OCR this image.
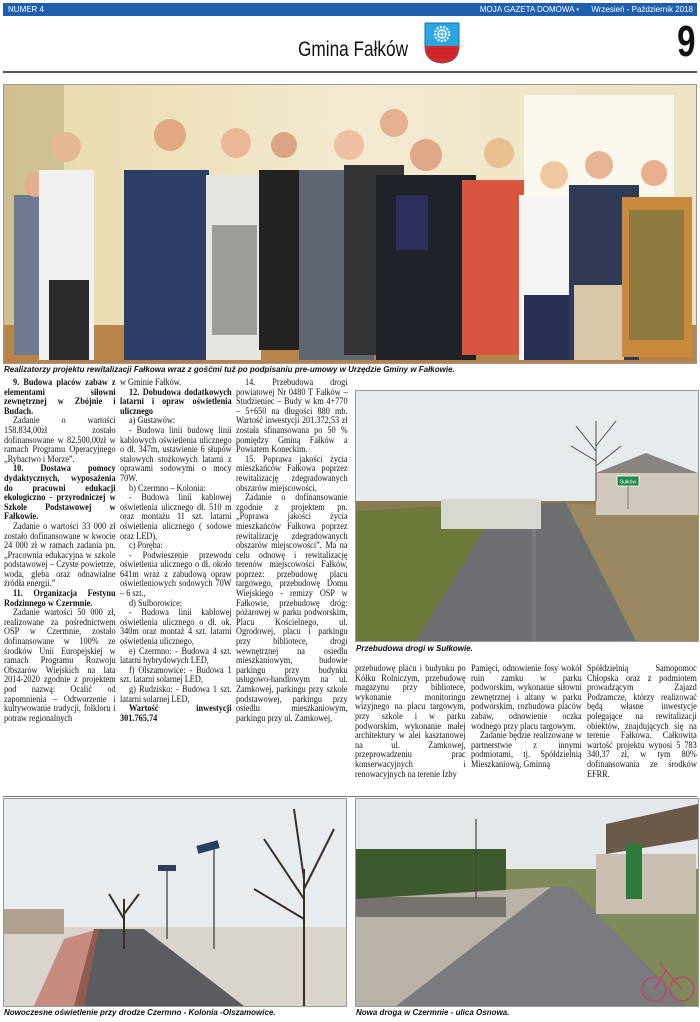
NUMER 4	MOJA GAZETA DOMOWA • Wrzesień - Październik 2018
Gmina Fałków	9
Realizatorzy projektu rewitalizacji Fałkowa wraz z gośćmi tuż po podpisaniu pre-umowy w Urzędzie Gminy w Fałkowie.

9. Budowa placów zabaw z elementami siłowni zewnętrznej w Zbójnie i Budach.

Zadanie o wartości 158.834,00zł zostało dofinansowane w 82.500,00zł w ramach Programu Operacyjnego „Rybactwo i Morze”.

10. Dostawa pomocy dydaktycznych, wyposażenia do pracowni edukacji ekologiczno - przyrodniczej w Szkole Podstawowej w Fałkowie.

Zadanie o wartości 33 000 zł zostało dofinansowane w kwocie 24 000 zł w ramach zadania pn. „Pracownia edukacyjna w szkole podstawowej – Czyste powietrze, woda, gleba oraz odnawialne źródła energii.”

11. Organizacja Festynu Rodzinnego w Czermnie.

Zadanie wartości 50 000 zł, realizowane za pośrednictwem OSP w Czermnie, zostało dofinansowane w 100% ze środków Unii Europejskiej w ramach Programu Rozwoju Obszarów Wiejskich na lata 2014-2020 zgodnie z projektem pod nazwą: Ocalić od zapomnienia – Odtworzenie i kultywowanie tradycji, folkloru i potraw regionalnych

w Gminie Fałków.

12. Dobudowa dodatkowych latarni i opraw oświetlenia ulicznego

a) Gustawów:

- Budowa linii budowę linii kablowych oświetlenia ulicznego o dł. 347m, ustawienie 6 słupów stalowych stożkowych latarni z oprawami sodowymi o mocy 70W.

b) Czermno – Kolonia:

- Budowa linii kablowej oświetlenia ulicznego dł. 510 m oraz montażu 11 szt. latarni oświetlenia ulicznego ( sodowe oraz LED),

c) Poręba:

- Podwieszenie przewodu oświetlenia ulicznego o dł. około 641m wraz z zabudową opraw oświetleniowych sodowych 70W – 6 szt.,

d) Sulborowice:

- Budowa linii kablowej oświetlenia ulicznego o dł. ok. 340m oraz montaż 4 szt. latarni oświetlenia ulicznego,

e) Czermno: - Budowa 4 szt. latarni hybrydowych LED,

f) Olszamowice: - Budowa 1 szt. latarni solarnej LED,

g) Rudzisko: - Budowa 1 szt. latarni solarnej LED,

Wartość inwestycji 301.765,74

14. Przebudowa drogi powiatowej Nr 0480 T Fałków – Studzieniec – Budy w km 4+770 – 5+650 na długości 880 mb. Wartość inwestycji 201.372,53 zł została sfinansowana po 50 % pomiędzy Gminą Fałków a Powiatem Koneckim.

15. Poprawa jakości życia mieszkańców Fałkowa poprzez rewitalizację zdegradowanych obszarów miejscowości.

Zadanie o dofinansowanie zgodnie z projektem pn. „Poprawa jakości życia mieszkańców Fałkowa poprzez rewitalizację zdegradowanych obszarów miejscowości”. Ma na celu odnowę i rewitalizację terenów miejscowości Fałków, poprzez: przebudowę placu targowego, przebudowę Domu Wiejskiego - remizy OSP w Fałkowie, przebudowę dróg: pożarowej w parku podworskim, Placu Kościelnego, ul. Ogrodowej, placu i parkingu przy bibliotece, drogi wewnętrznej na osiedlu mieszkaniowym, budowie parkingu przy budynku usługowo-handlowym na ul. Zamkowej, parkingu przy szkole podstawowej, parkingu przy osiedlu mieszkaniowym, parkingu przy ul. Zamkowej,

Sułków
Przebudowa drogi w Sułkowie.

przebudowę placu i budynku po Kółku Rolniczym, przebudowę magazynu przy bibliotece, wykonanie monitoringu wizyjnego na placu targowym, przy szkole i w parku podworskim, wykonanie małej architektury w alei kasztanowej na ul. Zamkowej, przeprowadzeniu prac konserwacyjnych i renowacyjnych na terenie Izby

Pamięci, odnowienie fosy wokół ruin zamku w parku podworskim, wykonanie siłowni zewnętrznej i altany w parku podworskim, rozbudowa placów zabaw, odnowienie oczka wodnego przy placu targowym.

Zadanie będzie realizowane w partnerstwie z innymi podmiotami, tj. Spółdzielnią Mieszkaniową, Gminną

Spółdzielnią Samopomoc Chłopska oraz z podmiotem prowadzącym Zajazd Podzamcze, którzy realizować będą własne inwestycje polegające na rewitalizacji obiektów, znajdujących się na terenie Fałkowa. Całkowita wartość projektu wynosi 5 783 340,37 zł, w tym 80% dofinansowania ze środków EFRR.

Nowoczesne oświetlenie przy drodze Czermno - Kolonia -Olszamowice.	Nowa droga w Czermnie - ulica Osnowa.
